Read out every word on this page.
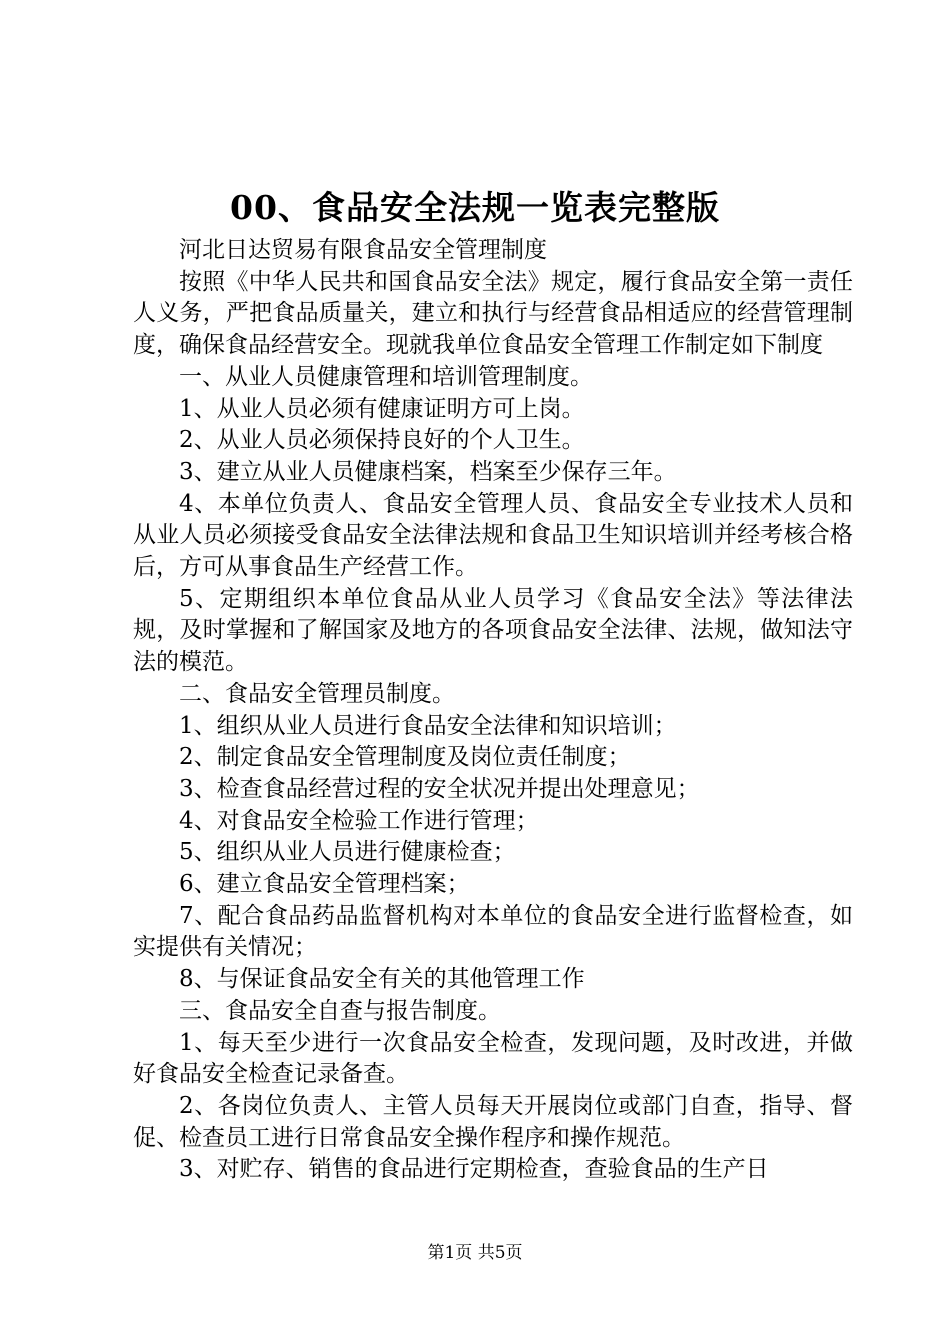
00、食品安全法规一览表完整版

河北日达贸易有限食品安全管理制度

按照《中华人民共和国食品安全法》规定，履行食品安全第一责任人义务，严把食品质量关，建立和执行与经营食品相适应的经营管理制度，确保食品经营安全。现就我单位食品安全管理工作制定如下制度

一、从业人员健康管理和培训管理制度。

1、从业人员必须有健康证明方可上岗。

2、从业人员必须保持良好的个人卫生。

3、建立从业人员健康档案，档案至少保存三年。

4、本单位负责人、食品安全管理人员、食品安全专业技术人员和从业人员必须接受食品安全法律法规和食品卫生知识培训并经考核合格后，方可从事食品生产经营工作。

5、定期组织本单位食品从业人员学习《食品安全法》等法律法规，及时掌握和了解国家及地方的各项食品安全法律、法规，做知法守法的模范。

二、食品安全管理员制度。

1、组织从业人员进行食品安全法律和知识培训；

2、制定食品安全管理制度及岗位责任制度；

3、检查食品经营过程的安全状况并提出处理意见；

4、对食品安全检验工作进行管理；

5、组织从业人员进行健康检查；

6、建立食品安全管理档案；

7、配合食品药品监督机构对本单位的食品安全进行监督检查，如实提供有关情况；

8、与保证食品安全有关的其他管理工作

三、食品安全自查与报告制度。

1、每天至少进行一次食品安全检查，发现问题，及时改进，并做好食品安全检查记录备查。

2、各岗位负责人、主管人员每天开展岗位或部门自查，指导、督促、检查员工进行日常食品安全操作程序和操作规范。

3、对贮存、销售的食品进行定期检查，查验食品的生产日

第1页 共5页
